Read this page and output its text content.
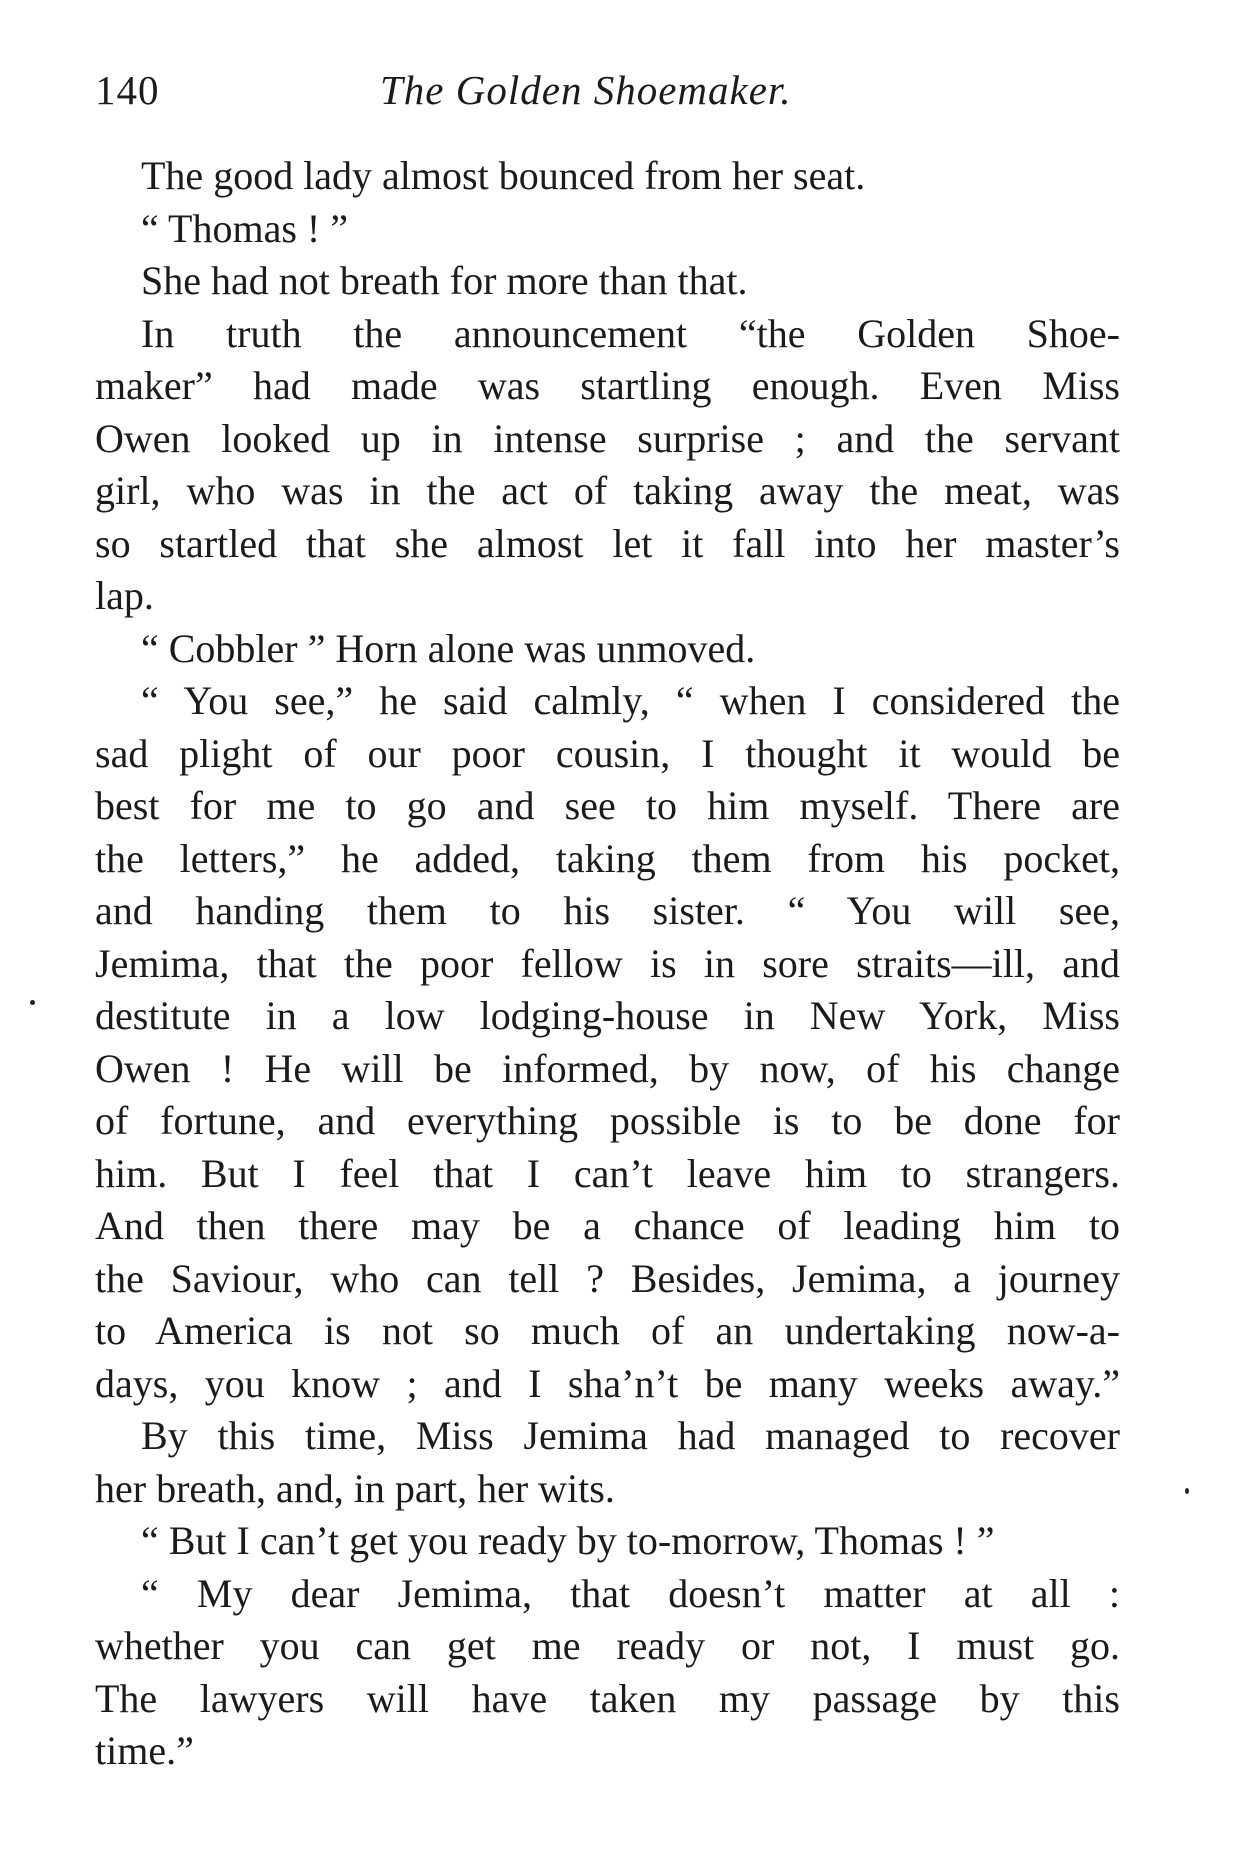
140	The Golden Shoemaker.
The good lady almost bounced from her seat.
“ Thomas ! ”
She had not breath for more than that.
In truth the announcement “the Golden Shoe-
maker” had made was startling enough. Even Miss
Owen looked up in intense surprise ; and the servant
girl, who was in the act of taking away the meat, was
so startled that she almost let it fall into her master’s
lap.
“ Cobbler ” Horn alone was unmoved.
“ You see,” he said calmly, “ when I considered the
sad plight of our poor cousin, I thought it would be
best for me to go and see to him myself. There are
the letters,” he added, taking them from his pocket,
and handing them to his sister. “ You will see,
Jemima, that the poor fellow is in sore straits—ill, and
destitute in a low lodging-house in New York, Miss
Owen ! He will be informed, by now, of his change
of fortune, and everything possible is to be done for
him. But I feel that I can’t leave him to strangers.
And then there may be a chance of leading him to
the Saviour, who can tell ? Besides, Jemima, a journey
to America is not so much of an undertaking now-a-
days, you know ; and I sha’n’t be many weeks away.”
By this time, Miss Jemima had managed to recover
her breath, and, in part, her wits.
“ But I can’t get you ready by to-morrow, Thomas ! ”
“ My dear Jemima, that doesn’t matter at all :
whether you can get me ready or not, I must go.
The lawyers will have taken my passage by this
time.”
